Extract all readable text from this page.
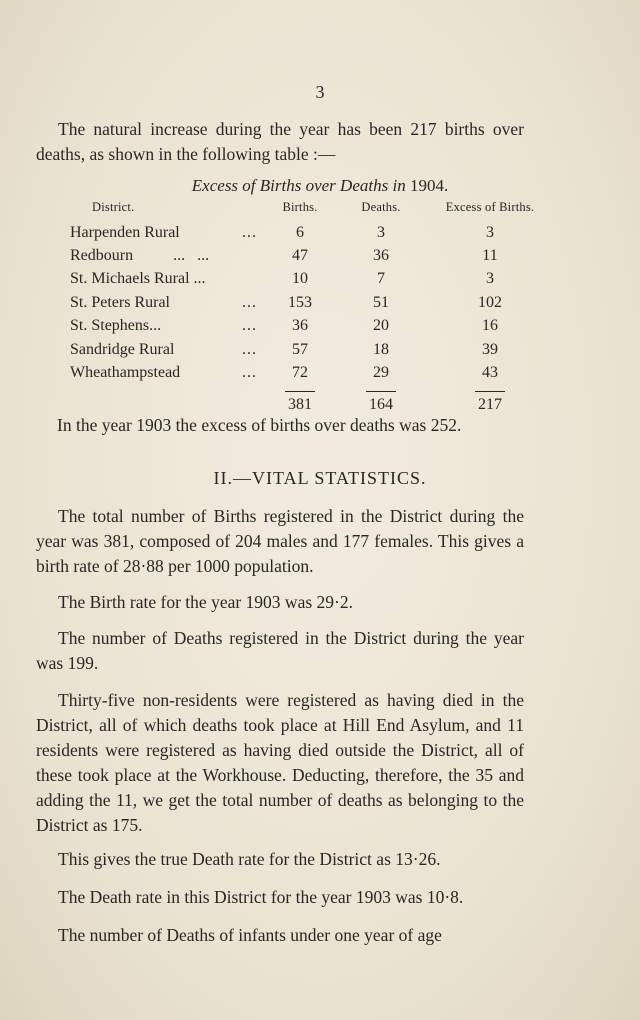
3

The natural increase during the year has been 217 births over deaths, as shown in the following table :—

Excess of Births over Deaths in 1904.
District.		Births.	Deaths.	Excess of Births.
Harpenden Rural	...	6	3	3
Redbourn ...   ...		47	36	11
St. Michaels Rural ...		10	7	3
St. Peters Rural	...	153	51	102
St. Stephens...	...	36	20	16
Sandridge Rural	...	57	18	39
Wheathampstead	...	72	29	43
		381	164	217

In the year 1903 the excess of births over deaths was 252.

II.—VITAL STATISTICS.

The total number of Births registered in the District during the year was 381, composed of 204 males and 177 females. This gives a birth rate of 28·88 per 1000 population.

The Birth rate for the year 1903 was 29·2.

The number of Deaths registered in the District during the year was 199.

Thirty-five non-residents were registered as having died in the District, all of which deaths took place at Hill End Asylum, and 11 residents were registered as having died outside the District, all of these took place at the Workhouse. Deducting, therefore, the 35 and adding the 11, we get the total number of deaths as belonging to the District as 175.

This gives the true Death rate for the District as 13·26.

The Death rate in this District for the year 1903 was 10·8.

The number of Deaths of infants under one year of age
